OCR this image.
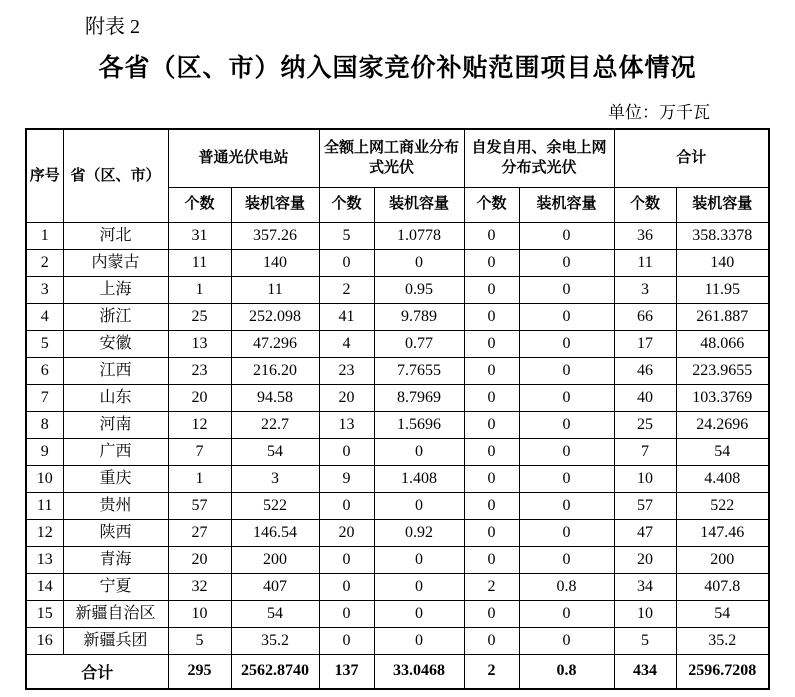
附表 2
各省（区、市）纳入国家竞价补贴范围项目总体情况
单位：万千瓦
序号	省（区、市）	普通光伏电站		全额上网工商业分布式光伏		自发自用、余电上网分布式光伏		合计	
		个数	装机容量	个数	装机容量	个数	装机容量	个数	装机容量
1	河北	31	357.26	5	1.0778	0	0	36	358.3378
2	内蒙古	11	140	0	0	0	0	11	140
3	上海	1	11	2	0.95	0	0	3	11.95
4	浙江	25	252.098	41	9.789	0	0	66	261.887
5	安徽	13	47.296	4	0.77	0	0	17	48.066
6	江西	23	216.20	23	7.7655	0	0	46	223.9655
7	山东	20	94.58	20	8.7969	0	0	40	103.3769
8	河南	12	22.7	13	1.5696	0	0	25	24.2696
9	广西	7	54	0	0	0	0	7	54
10	重庆	1	3	9	1.408	0	0	10	4.408
11	贵州	57	522	0	0	0	0	57	522
12	陕西	27	146.54	20	0.92	0	0	47	147.46
13	青海	20	200	0	0	0	0	20	200
14	宁夏	32	407	0	0	2	0.8	34	407.8
15	新疆自治区	10	54	0	0	0	0	10	54
16	新疆兵团	5	35.2	0	0	0	0	5	35.2
合计		295	2562.8740	137	33.0468	2	0.8	434	2596.7208
